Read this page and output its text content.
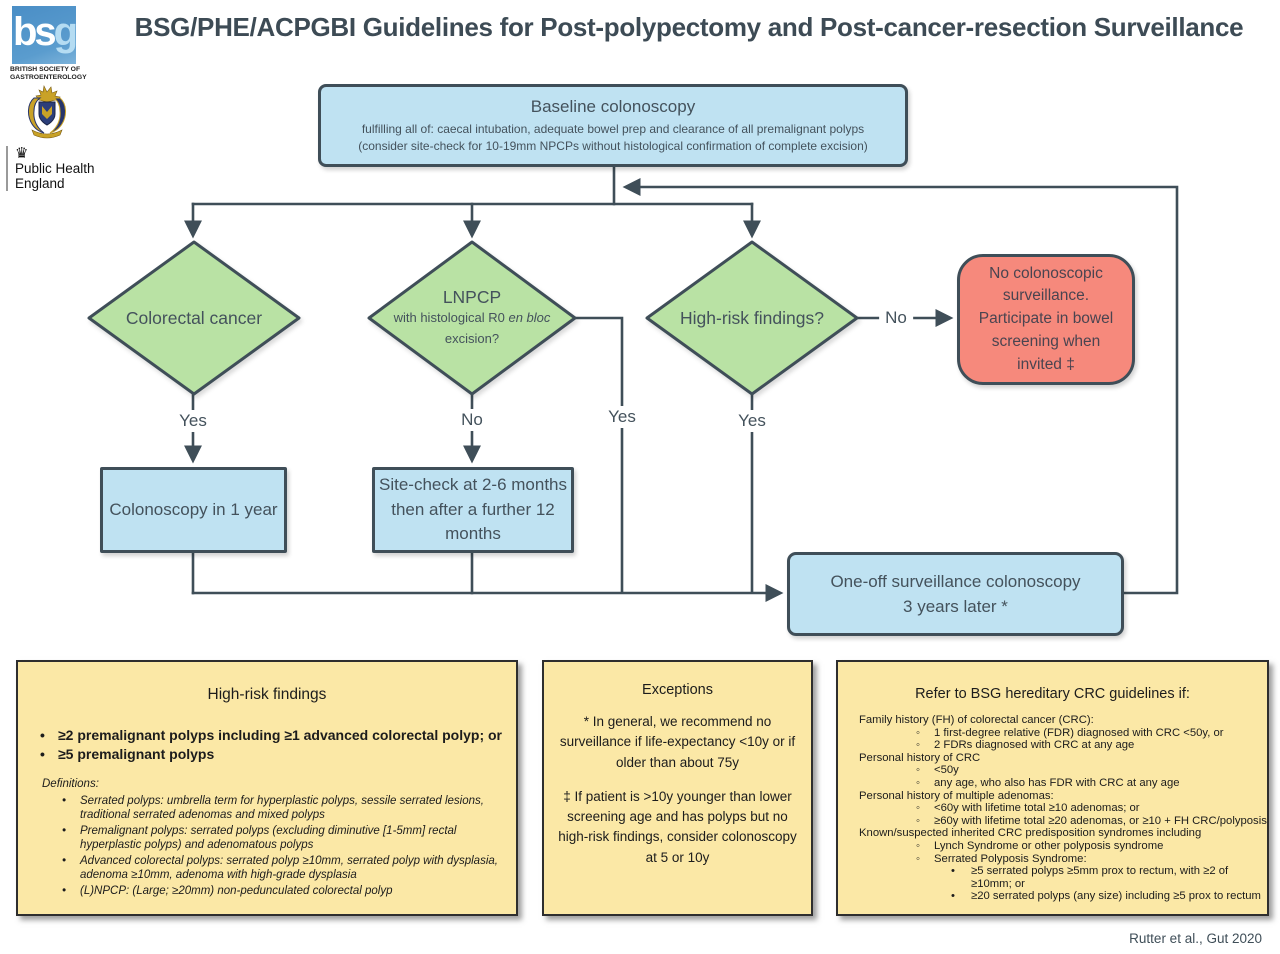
BSG/PHE/ACPGBI Guidelines for Post-polypectomy and Post-cancer-resection Surveillance
bsg
BRITISH SOCIETY OF
GASTROENTEROLOGY
♛
Public Health
England
Baseline colonoscopy
fulfilling all of: caecal intubation, adequate bowel prep and clearance of all premalignant polyps
(consider site-check for 10-19mm NPCPs without histological confirmation of complete excision)
Colorectal cancer
LNPCP
with histological R0 en bloc
excision?
High-risk findings?
No colonoscopic surveillance. Participate in bowel screening when invited ‡
Colonoscopy in 1 year
Site-check at 2-6 months then after a further 12 months
One-off surveillance colonoscopy
3 years later *
Yes	No	Yes	Yes
No
High-risk findings
• ≥2 premalignant polyps including ≥1 advanced colorectal polyp; or
• ≥5 premalignant polyps
Definitions:
• Serrated polyps: umbrella term for hyperplastic polyps, sessile serrated lesions, traditional serrated adenomas and mixed polyps
• Premalignant polyps: serrated polyps (excluding diminutive [1-5mm] rectal hyperplastic polyps) and adenomatous polyps
• Advanced colorectal polyps: serrated polyp ≥10mm, serrated polyp with dysplasia, adenoma ≥10mm, adenoma with high-grade dysplasia
• (L)NPCP: (Large; ≥20mm) non-pedunculated colorectal polyp
Exceptions

* In general, we recommend no surveillance if life-expectancy <10y or if older than about 75y

‡ If patient is >10y younger than lower screening age and has polyps but no high-risk findings, consider colonoscopy at 5 or 10y

Refer to BSG hereditary CRC guidelines if:
Family history (FH) of colorectal cancer (CRC):
◦ 1 first-degree relative (FDR) diagnosed with CRC <50y, or
◦ 2 FDRs diagnosed with CRC at any age
Personal history of CRC
◦ <50y
◦ any age, who also has FDR with CRC at any age
Personal history of multiple adenomas:
◦ <60y with lifetime total ≥10 adenomas; or
◦ ≥60y with lifetime total ≥20 adenomas, or ≥10 + FH CRC/polyposis
Known/suspected inherited CRC predisposition syndromes including
◦ Lynch Syndrome or other polyposis syndrome
◦ Serrated Polyposis Syndrome:
• ≥5 serrated polyps ≥5mm prox to rectum, with ≥2 of ≥10mm; or
• ≥20 serrated polyps (any size) including ≥5 prox to rectum
Rutter et al., Gut 2020
